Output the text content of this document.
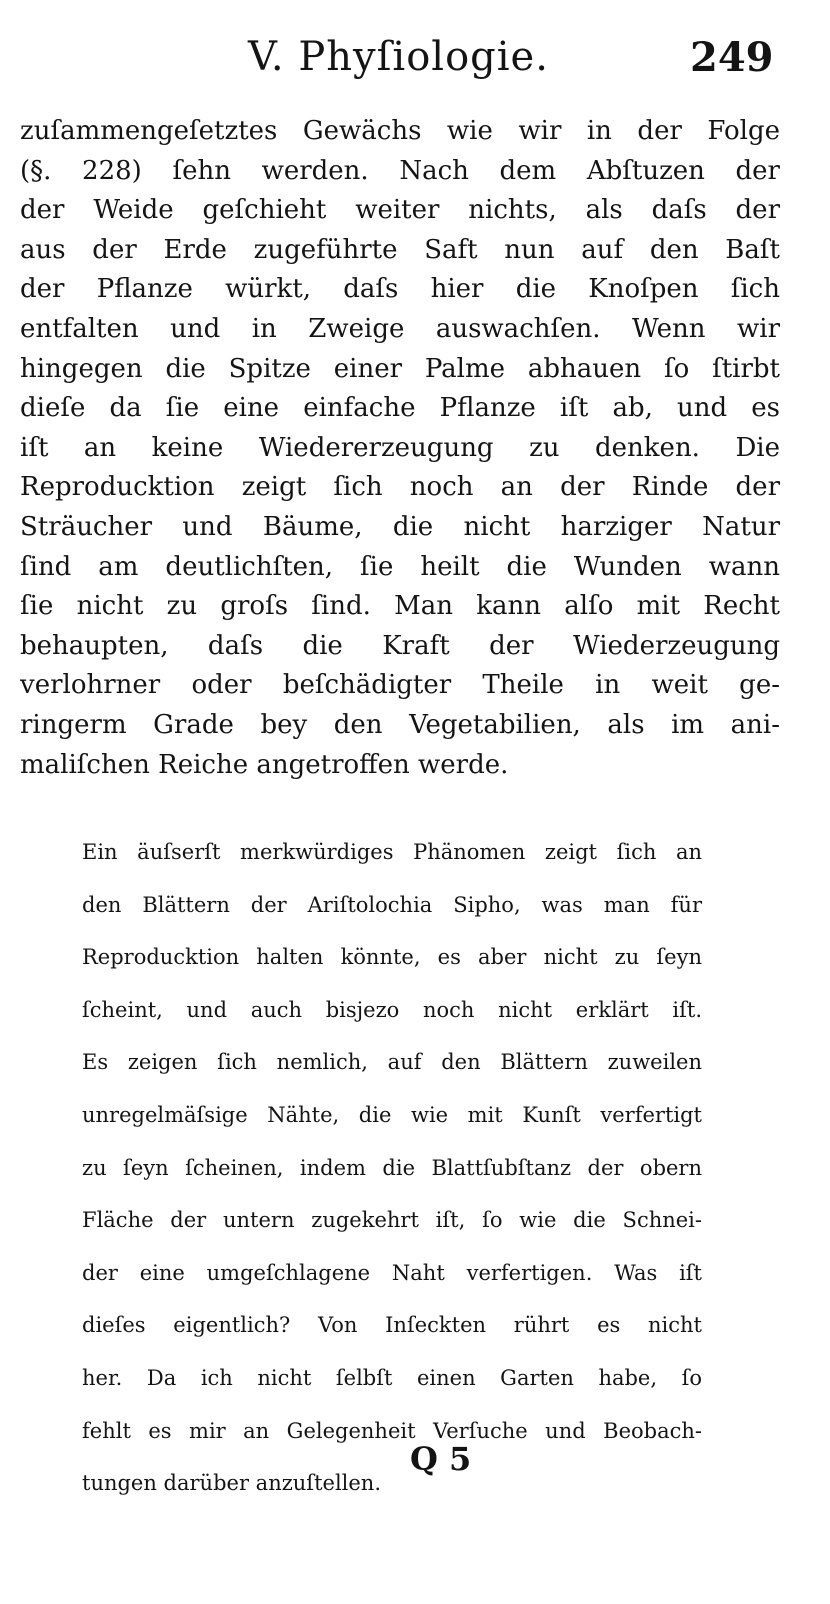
V. Phyſiologie.	249
zuſammengeſetztes Gewächs wie wir in der Folge
(§. 228) ſehn werden. Nach dem Abſtuzen der
der Weide geſchieht weiter nichts, als daſs der
aus der Erde zugeführte Saft nun auf den Baſt
der Pflanze würkt, daſs hier die Knoſpen ſich
entfalten und in Zweige auswachſen. Wenn wir
hingegen die Spitze einer Palme abhauen ſo ſtirbt
dieſe da ſie eine einfache Pflanze iſt ab, und es
iſt an keine Wiedererzeugung zu denken. Die
Reproducktion zeigt ſich noch an der Rinde der
Sträucher und Bäume, die nicht harziger Natur
ſind am deutlichſten, ſie heilt die Wunden wann
ſie nicht zu groſs ſind. Man kann alſo mit Recht
behaupten, daſs die Kraft der Wiederzeugung
verlohrner oder beſchädigter Theile in weit ge-
ringerm Grade bey den Vegetabilien, als im ani-
maliſchen Reiche angetroffen werde.
Ein äuſserſt merkwürdiges Phänomen zeigt ſich an
den Blättern der Ariſtolochia Sipho, was man für
Reproducktion halten könnte, es aber nicht zu ſeyn
ſcheint, und auch bisjezo noch nicht erklärt iſt.
Es zeigen ſich nemlich, auf den Blättern zuweilen
unregelmäſsige Nähte, die wie mit Kunſt verfertigt
zu ſeyn ſcheinen, indem die Blattſubſtanz der obern
Fläche der untern zugekehrt iſt, ſo wie die Schnei-
der eine umgeſchlagene Naht verfertigen. Was iſt
dieſes eigentlich? Von Inſeckten rührt es nicht
her. Da ich nicht ſelbſt einen Garten habe, ſo
fehlt es mir an Gelegenheit Verſuche und Beobach-
tungen darüber anzuſtellen.
Q 5
